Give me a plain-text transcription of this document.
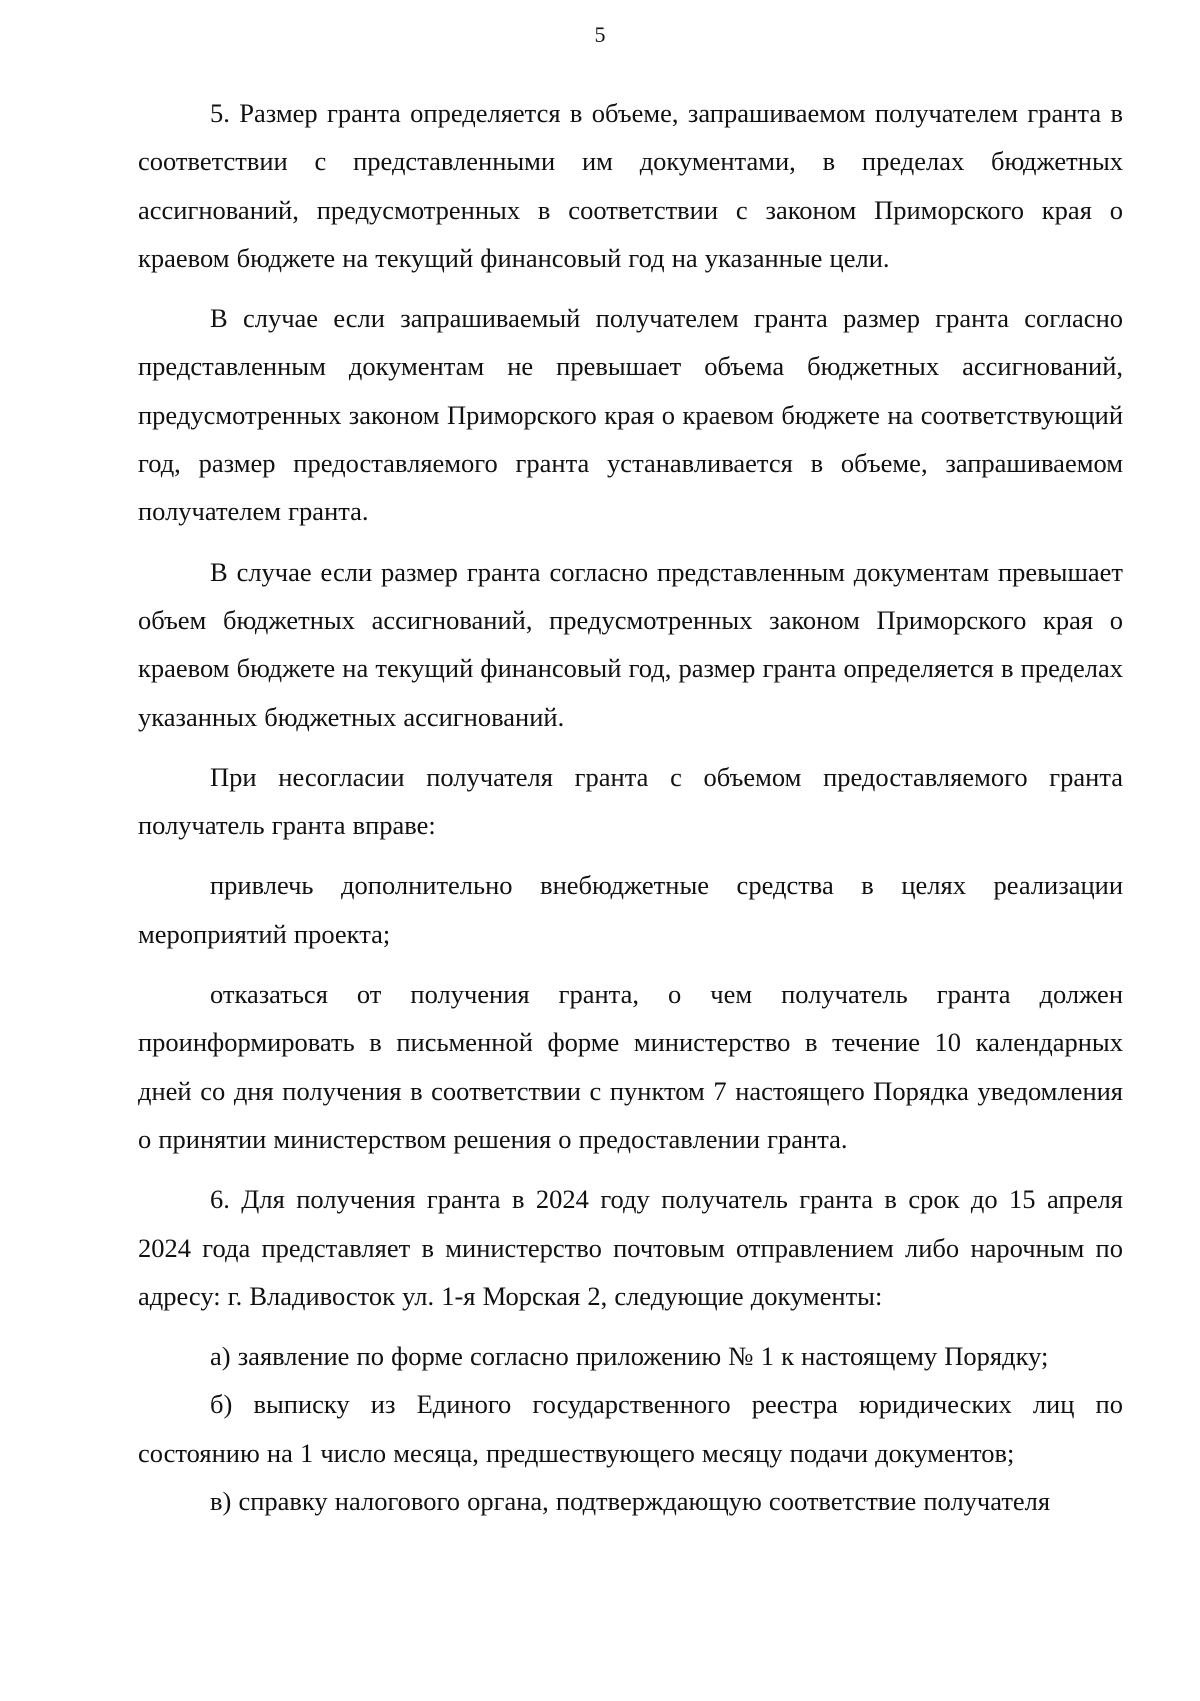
5

5. Размер гранта определяется в объеме, запрашиваемом получателем гранта в соответствии с представленными им документами, в пределах бюджетных ассигнований, предусмотренных в соответствии с законом Приморского края о краевом бюджете на текущий финансовый год на указанные цели.

В случае если запрашиваемый получателем гранта размер гранта согласно представленным документам не превышает объема бюджетных ассигнований, предусмотренных законом Приморского края о краевом бюджете на соответствующий год, размер предоставляемого гранта устанавливается в объеме, запрашиваемом получателем гранта.

В случае если размер гранта согласно представленным документам превышает объем бюджетных ассигнований, предусмотренных законом Приморского края о краевом бюджете на текущий финансовый год, размер гранта определяется в пределах указанных бюджетных ассигнований.

При несогласии получателя гранта с объемом предоставляемого гранта получатель гранта вправе:

привлечь дополнительно внебюджетные средства в целях реализации мероприятий проекта;

отказаться от получения гранта, о чем получатель гранта должен проинформировать в письменной форме министерство в течение 10 календарных дней со дня получения в соответствии с пунктом 7 настоящего Порядка уведомления о принятии министерством решения о предоставлении гранта.

6. Для получения гранта в 2024 году получатель гранта в срок до 15 апреля 2024 года представляет в министерство почтовым отправлением либо нарочным по адресу: г. Владивосток ул. 1-я Морская 2, следующие документы:

а) заявление по форме согласно приложению № 1 к настоящему Порядку;

б) выписку из Единого государственного реестра юридических лиц по состоянию на 1 число месяца, предшествующего месяцу подачи документов;

в) справку налогового органа, подтверждающую соответствие получателя
